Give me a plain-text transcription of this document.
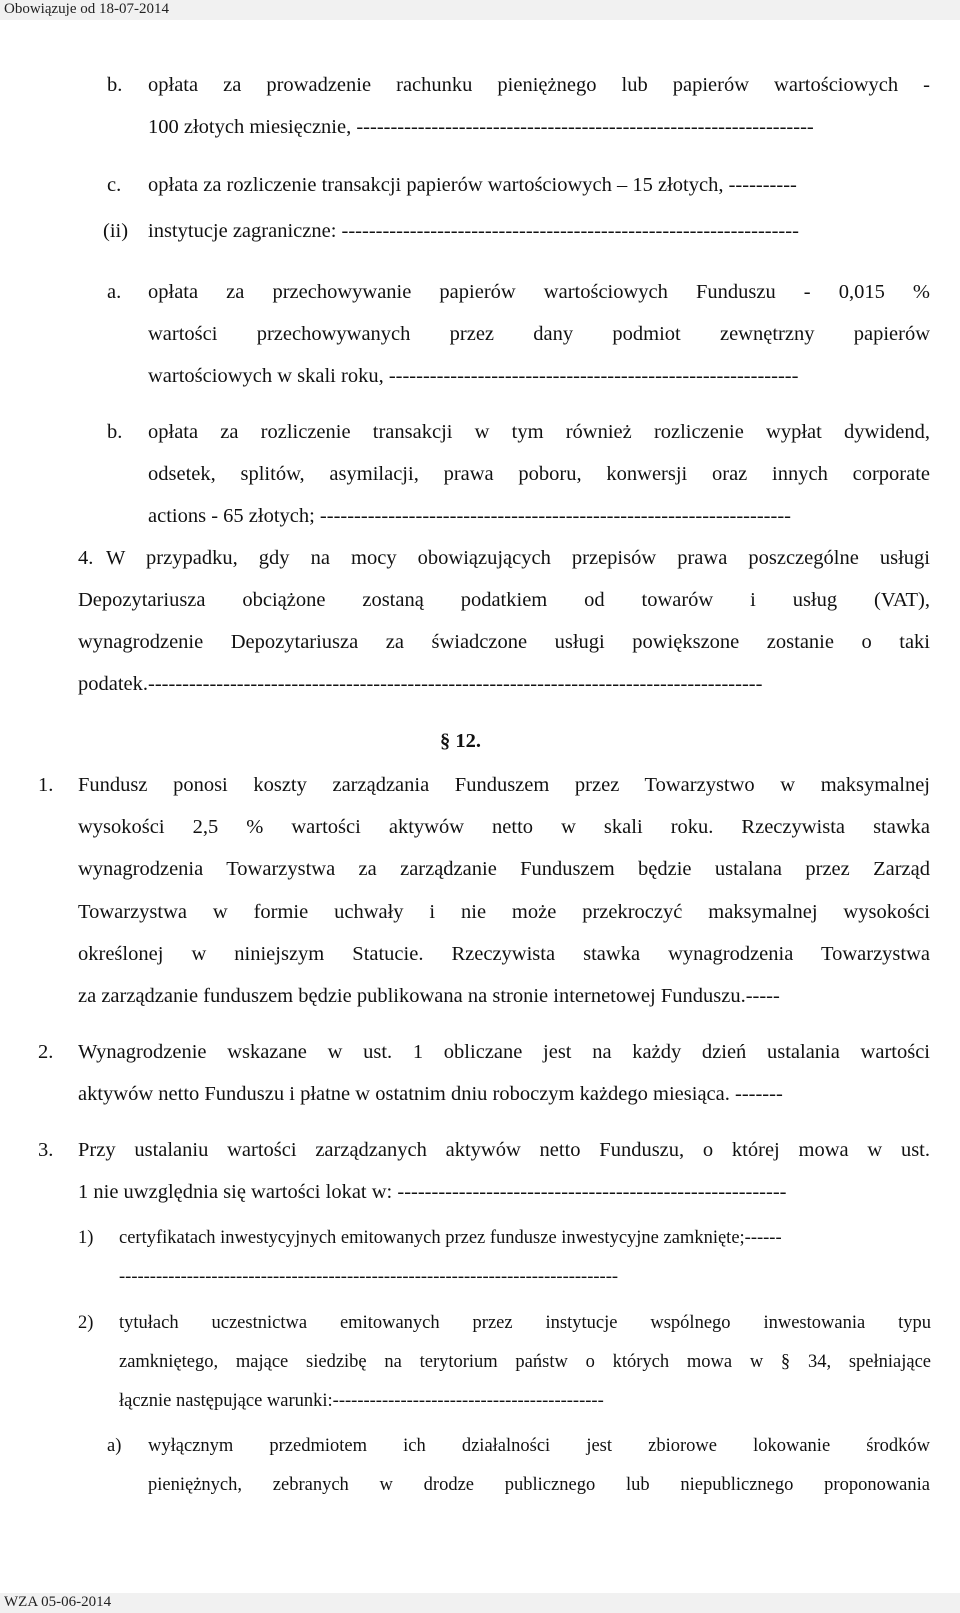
Obowiązuje od 18-07-2014
b. opłata za prowadzenie rachunku pieniężnego lub papierów wartościowych -
100 złotych miesięcznie, -------------------------------------------------------------------
c. opłata za rozliczenie transakcji papierów wartościowych – 15 złotych, ----------
(ii) instytucje zagraniczne: -------------------------------------------------------------------
a. opłata za przechowywanie papierów wartościowych Funduszu - 0,015 %
wartości przechowywanych przez dany podmiot zewnętrzny papierów
wartościowych w skali roku, ------------------------------------------------------------
b. opłata za rozliczenie transakcji w tym również rozliczenie wypłat dywidend,
odsetek, splitów, asymilacji, prawa poboru, konwersji oraz innych corporate
actions - 65 złotych; ---------------------------------------------------------------------
4. W przypadku, gdy na mocy obowiązujących przepisów prawa poszczególne usługi
Depozytariusza obciążone zostaną podatkiem od towarów i usług (VAT),
wynagrodzenie Depozytariusza za świadczone usługi powiększone zostanie o taki
podatek.------------------------------------------------------------------------------------------
§ 12.
1. Fundusz ponosi koszty zarządzania Funduszem przez Towarzystwo w maksymalnej
wysokości 2,5 % wartości aktywów netto w skali roku. Rzeczywista stawka
wynagrodzenia Towarzystwa za zarządzanie Funduszem będzie ustalana przez Zarząd
Towarzystwa w formie uchwały i nie może przekroczyć maksymalnej wysokości
określonej w niniejszym Statucie. Rzeczywista stawka wynagrodzenia Towarzystwa
za zarządzanie funduszem będzie publikowana na stronie internetowej Funduszu.-----
2. Wynagrodzenie wskazane w ust. 1 obliczane jest na każdy dzień ustalania wartości
aktywów netto Funduszu i płatne w ostatnim dniu roboczym każdego miesiąca. -------
3. Przy ustalaniu wartości zarządzanych aktywów netto Funduszu, o której mowa w ust.
1 nie uwzględnia się wartości lokat w: ---------------------------------------------------------
1) certyfikatach inwestycyjnych emitowanych przez fundusze inwestycyjne zamknięte;------
---------------------------------------------------------------------------------
2) tytułach uczestnictwa emitowanych przez instytucje wspólnego inwestowania typu
zamkniętego, mające siedzibę na terytorium państw o których mowa w § 34, spełniające
łącznie następujące warunki:--------------------------------------------
a) wyłącznym przedmiotem ich działalności jest zbiorowe lokowanie środków
pieniężnych, zebranych w drodze publicznego lub niepublicznego proponowania
WZA 05-06-2014
